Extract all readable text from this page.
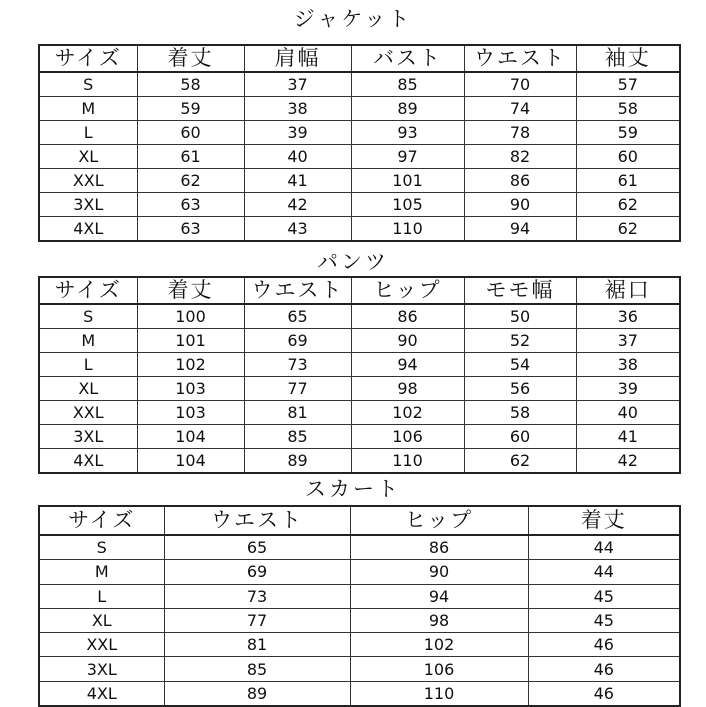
ジャケット
サイズ	着丈	肩幅	バスト	ウエスト	袖丈
S	58	37	85	70	57
M	59	38	89	74	58
L	60	39	93	78	59
XL	61	40	97	82	60
XXL	62	41	101	86	61
3XL	63	42	105	90	62
4XL	63	43	110	94	62
パンツ
サイズ	着丈	ウエスト	ヒップ	モモ幅	裾口
S	100	65	86	50	36
M	101	69	90	52	37
L	102	73	94	54	38
XL	103	77	98	56	39
XXL	103	81	102	58	40
3XL	104	85	106	60	41
4XL	104	89	110	62	42
スカート
サイズ	ウエスト	ヒップ	着丈
S	65	86	44
M	69	90	44
L	73	94	45
XL	77	98	45
XXL	81	102	46
3XL	85	106	46
4XL	89	110	46
